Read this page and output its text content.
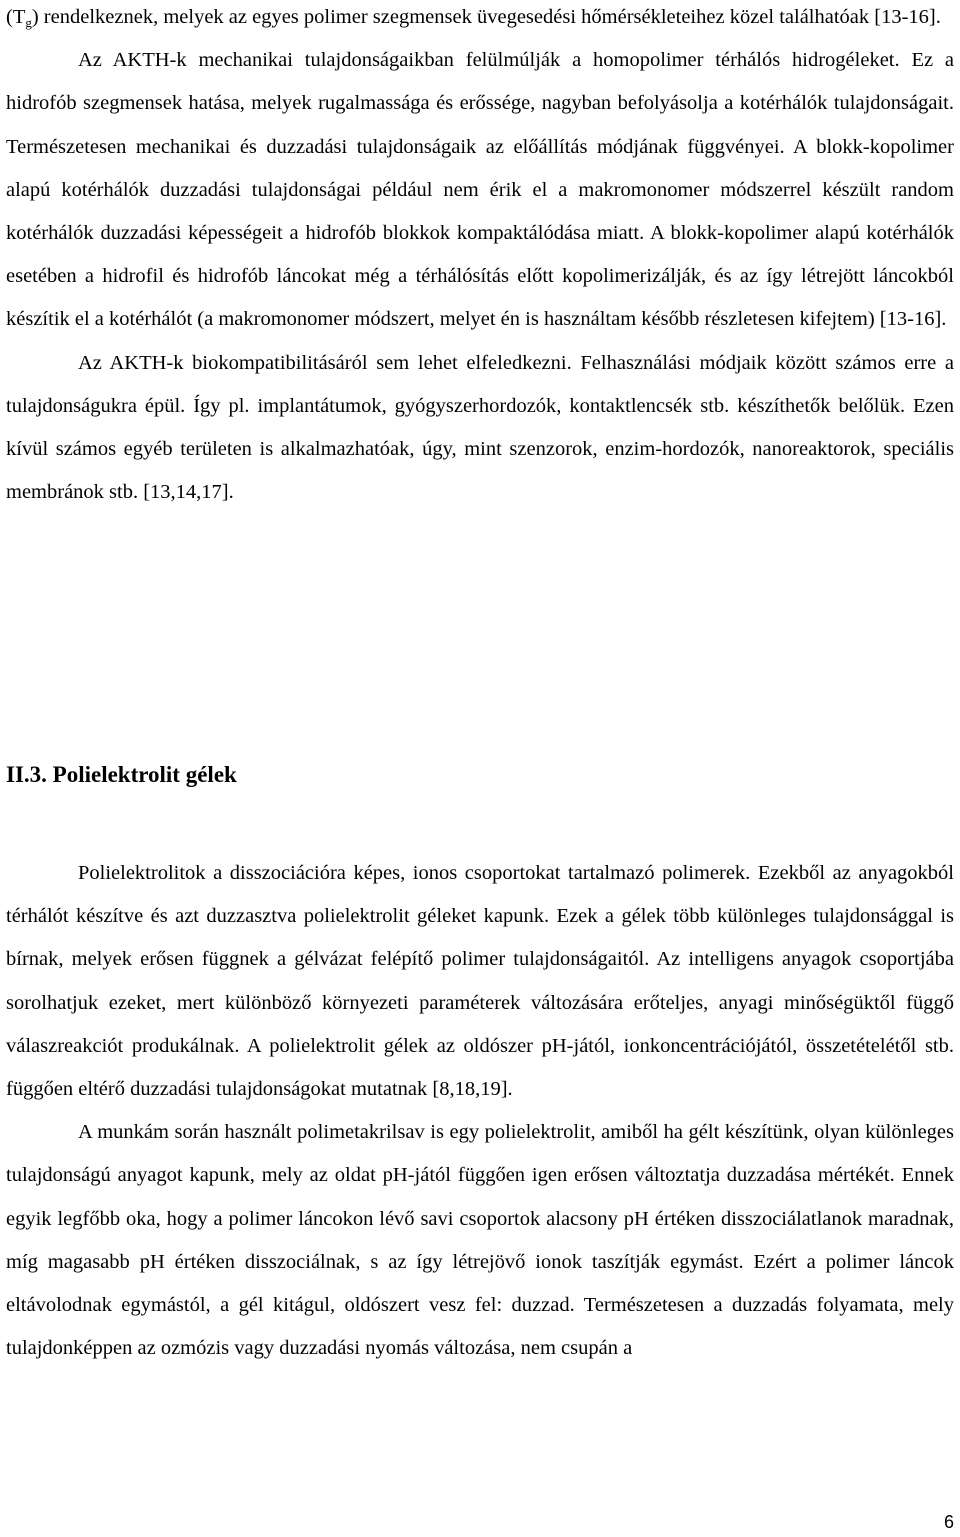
$(T_g)$ rendelkeznek, melyek az egyes polimer szegmensek üvegesedési hőmérsékleteihez közel találhatóak [13-16].

Az AKTH-k mechanikai tulajdonságaikban felülmúlják a homopolimer térhálós hidrogéleket. Ez a hidrofób szegmensek hatása, melyek rugalmassága és erőssége, nagyban befolyásolja a kotérhálók tulajdonságait. Természetesen mechanikai és duzzadási tulajdonságaik az előállítás módjának függvényei. A blokk-kopolimer alapú kotérhálók duzzadási tulajdonságai például nem érik el a makromonomer módszerrel készült random kotérhálók duzzadási képességeit a hidrofób blokkok kompaktálódása miatt. A blokk-kopolimer alapú kotérhálók esetében a hidrofil és hidrofób láncokat még a térhálósítás előtt kopolimerizálják, és az így létrejött láncokból készítik el a kotérhálót (a makromonomer módszert, melyet én is használtam később részletesen kifejtem) [13-16].

Az AKTH-k biokompatibilitásáról sem lehet elfeledkezni. Felhasználási módjaik között számos erre a tulajdonságukra épül. Így pl. implantátumok, gyógyszerhordozók, kontaktlencsék stb. készíthetők belőlük. Ezen kívül számos egyéb területen is alkalmazhatóak, úgy, mint szenzorok, enzim-hordozók, nanoreaktorok, speciális membránok stb. [13,14,17].

II.3. Polielektrolit gélek

Polielektrolitok a disszociációra képes, ionos csoportokat tartalmazó polimerek. Ezekből az anyagokból térhálót készítve és azt duzzasztva polielektrolit géleket kapunk. Ezek a gélek több különleges tulajdonsággal is bírnak, melyek erősen függnek a gélvázat felépítő polimer tulajdonságaitól. Az intelligens anyagok csoportjába sorolhatjuk ezeket, mert különböző környezeti paraméterek változására erőteljes, anyagi minőségüktől függő válaszreakciót produkálnak. A polielektrolit gélek az oldószer pH-jától, ionkoncentrációjától, összetételétől stb. függően eltérő duzzadási tulajdonságokat mutatnak [8,18,19].

A munkám során használt polimetakrilsav is egy polielektrolit, amiből ha gélt készítünk, olyan különleges tulajdonságú anyagot kapunk, mely az oldat pH-jától függően igen erősen változtatja duzzadása mértékét. Ennek egyik legfőbb oka, hogy a polimer láncokon lévő savi csoportok alacsony pH értéken disszociálatlanok maradnak, míg magasabb pH értéken disszociálnak, s az így létrejövő ionok taszítják egymást. Ezért a polimer láncok eltávolodnak egymástól, a gél kitágul, oldószert vesz fel: duzzad. Természetesen a duzzadás folyamata, mely tulajdonképpen az ozmózis vagy duzzadási nyomás változása, nem csupán a

6
